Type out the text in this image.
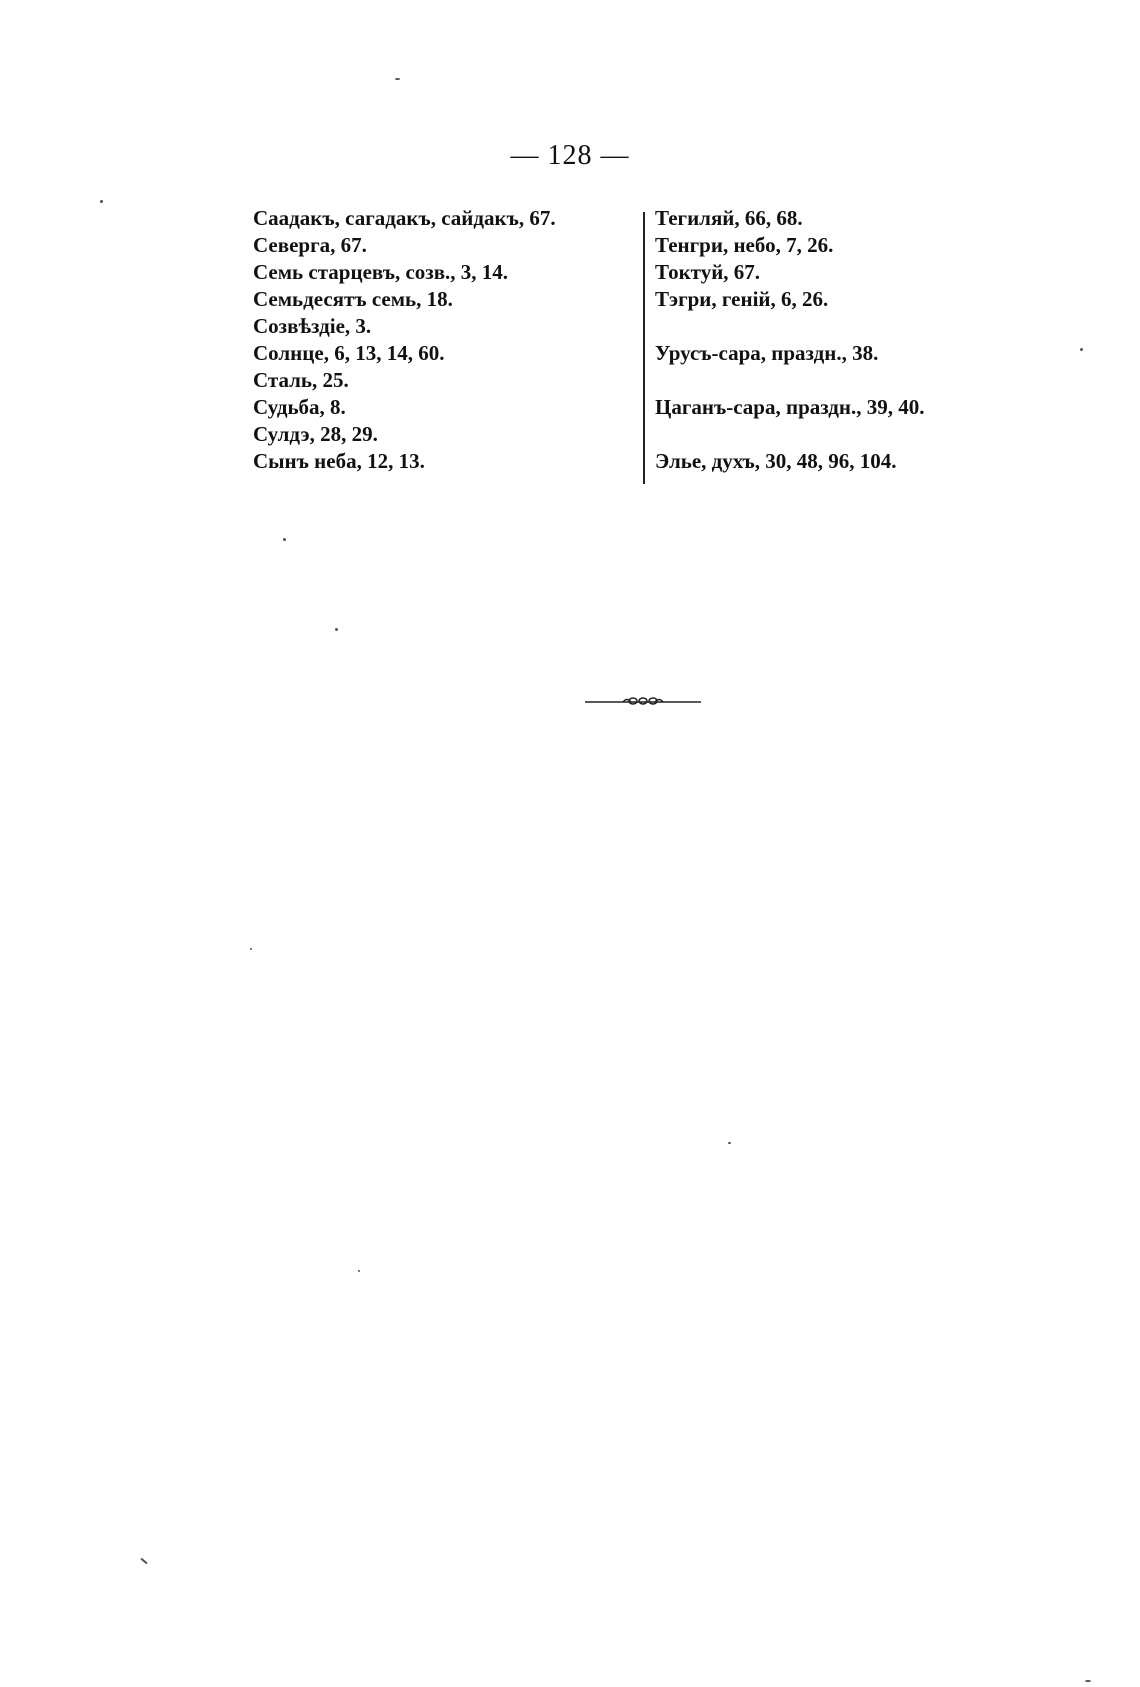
— 128 —
Саадакъ, сагадакъ, сайдакъ, 67.
Северга, 67.
Семь старцевъ, созв., 3, 14.
Семьдесятъ семь, 18.
Созвѣздіе, 3.
Солнце, 6, 13, 14, 60.
Сталь, 25.
Судьба, 8.
Сулдэ, 28, 29.
Сынъ неба, 12, 13.
Тегиляй, 66, 68.
Тенгри, небо, 7, 26.
Токтуй, 67.
Тэгри, геній, 6, 26.
Урусъ-сара, праздн., 38.
Цаганъ-сара, праздн., 39, 40.
Элье, духъ, 30, 48, 96, 104.
